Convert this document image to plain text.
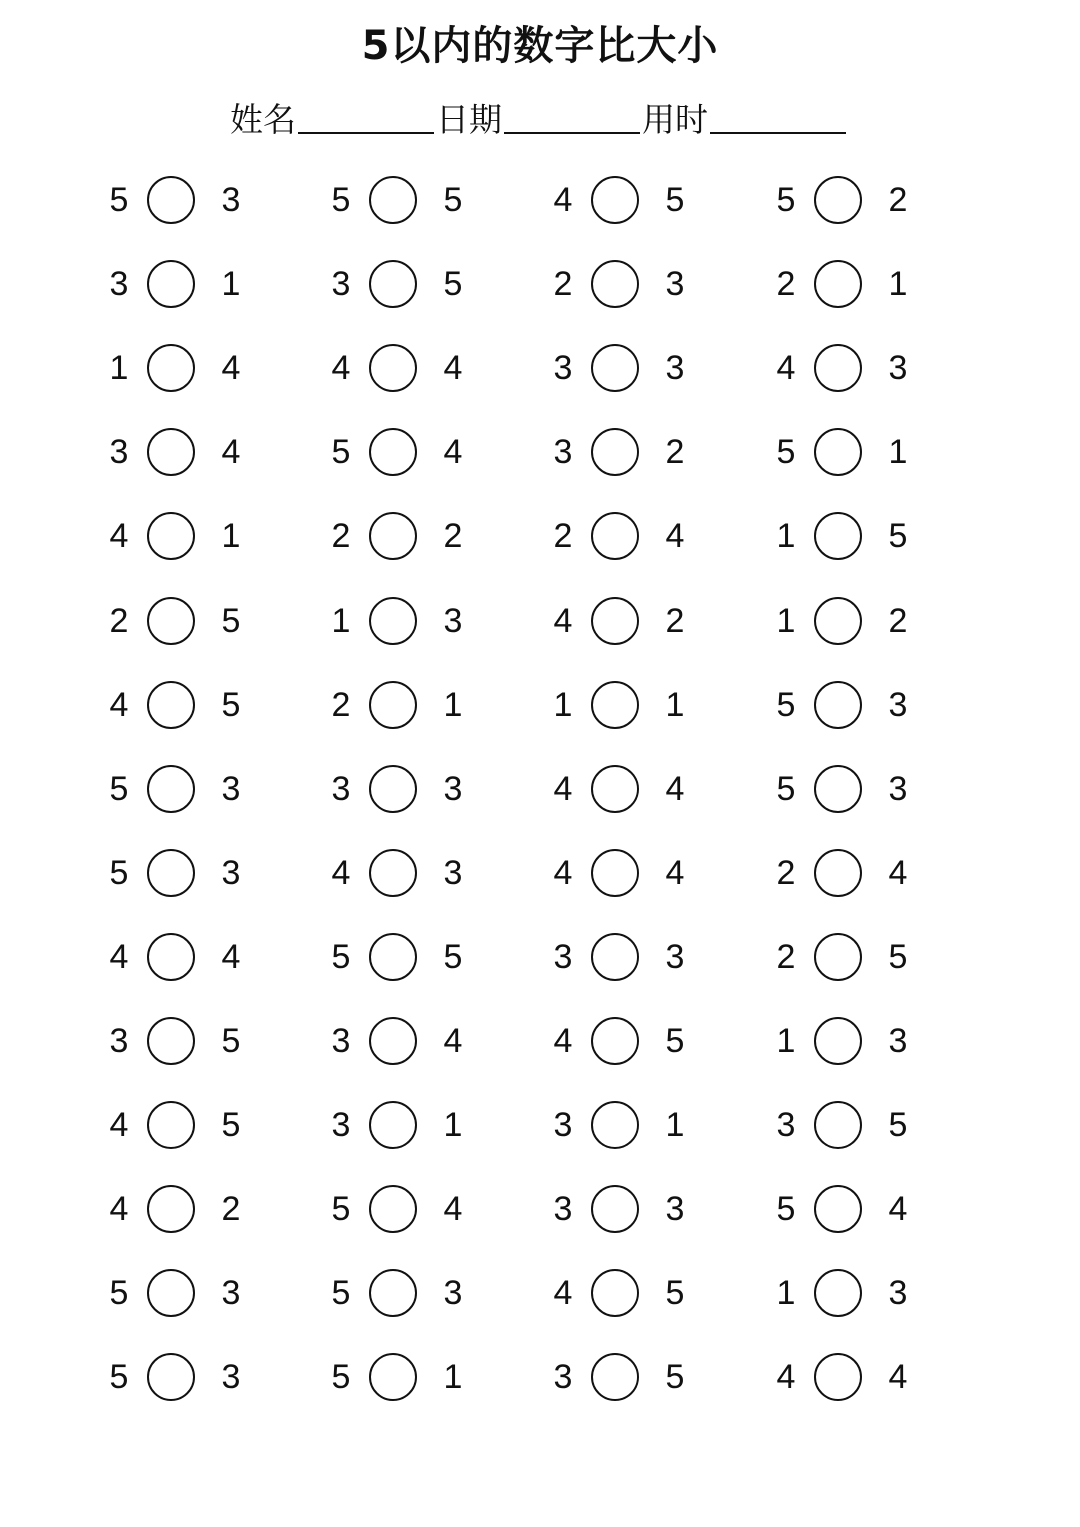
5以内的数字比大小
姓名	日期	用时
5	3	5	5	4	5	5	2
3	1	3	5	2	3	2	1
1	4	4	4	3	3	4	3
3	4	5	4	3	2	5	1
4	1	2	2	2	4	1	5
2	5	1	3	4	2	1	2
4	5	2	1	1	1	5	3
5	3	3	3	4	4	5	3
5	3	4	3	4	4	2	4
4	4	5	5	3	3	2	5
3	5	3	4	4	5	1	3
4	5	3	1	3	1	3	5
4	2	5	4	3	3	5	4
5	3	5	3	4	5	1	3
5	3	5	1	3	5	4	4
